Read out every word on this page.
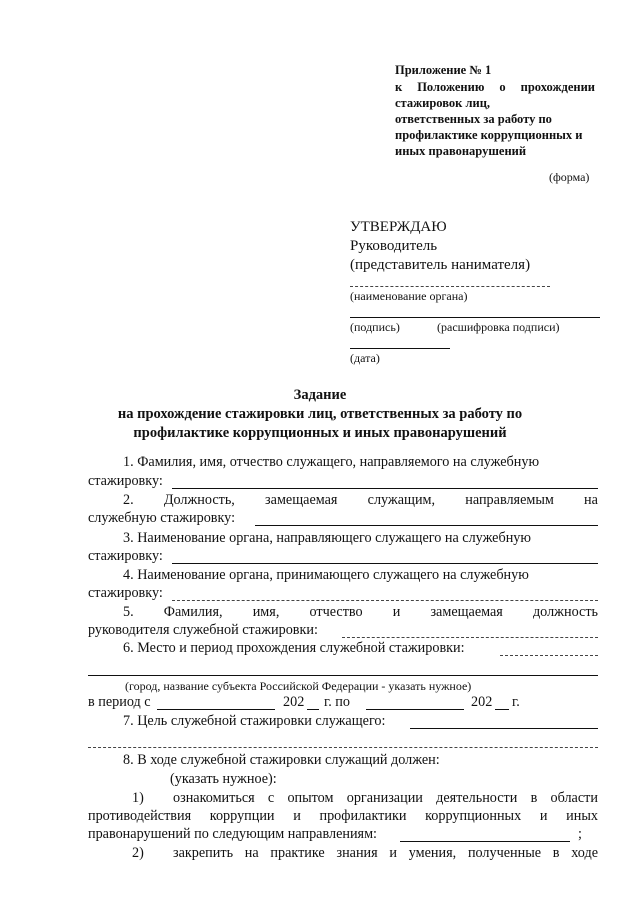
Приложение № 1
к Положению о прохождении
стажировок лиц,
ответственных за работу по
профилактике коррупционных и
иных правонарушений
(форма)
УТВЕРЖДАЮ
Руководитель
(представитель нанимателя)
(наименование органа)
(подпись)	(расшифровка подписи)
(дата)
Задание
на прохождение стажировки лиц, ответственных за работу по
профилактике коррупционных и иных правонарушений
1. Фамилия, имя, отчество служащего, направляемого на служебную
стажировку:
2. Должность, замещаемая служащим, направляемым на
служебную стажировку:
3. Наименование органа, направляющего служащего на служебную
стажировку:
4. Наименование органа, принимающего служащего на служебную
стажировку:
5. Фамилия, имя, отчество и замещаемая должность
руководителя служебной стажировки:
6. Место и период прохождения служебной стажировки:
(город, название субъекта Российской Федерации - указать нужное)
в период с	202 г. по	202 г.
7. Цель служебной стажировки служащего:
8. В ходе служебной стажировки служащий должен:
(указать нужное):
1) ознакомиться с опытом организации деятельности в области
противодействия коррупции и профилактики коррупционных и иных
правонарушений по следующим направлениям:	;
2) закрепить на практике знания и умения, полученные в ходе
